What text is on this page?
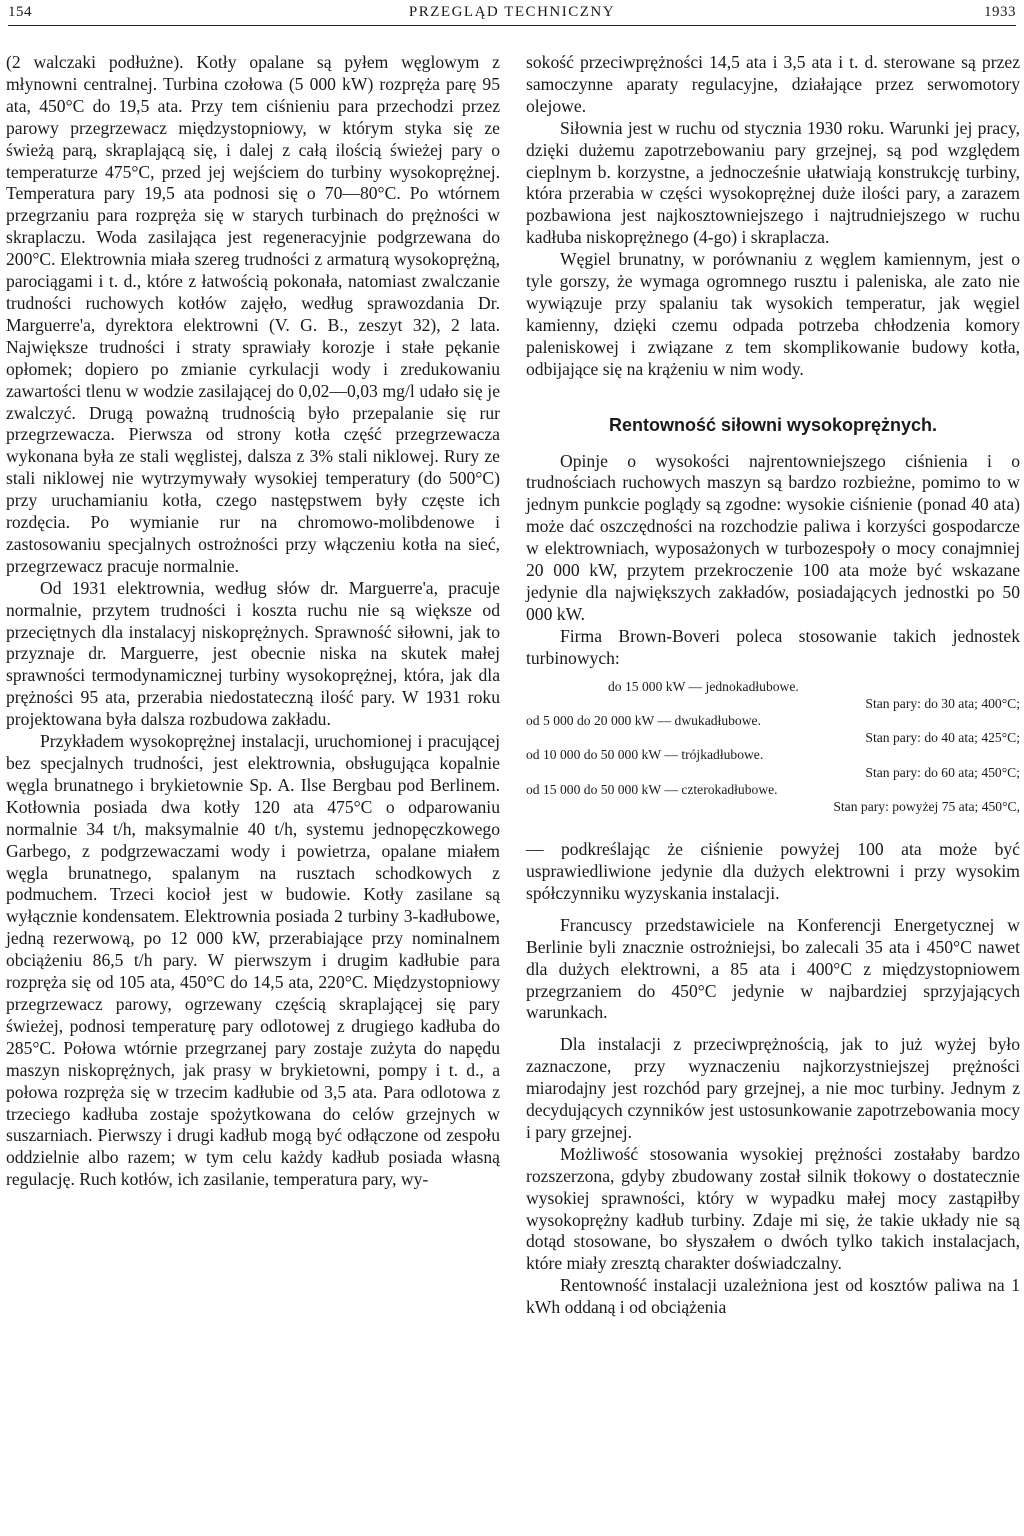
154	PRZEGLĄD TECHNICZNY	1933

(2 walczaki podłużne). Kotły opalane są pyłem węglowym z młynowni centralnej. Turbina czołowa (5 000 kW) rozpręża parę 95 ata, 450°C do 19,5 ata. Przy tem ciśnieniu para przechodzi przez parowy przegrzewacz międzystopniowy, w którym styka się ze świeżą parą, skraplającą się, i dalej z całą ilością świeżej pary o temperaturze 475°C, przed jej wejściem do turbiny wysokoprężnej. Temperatura pary 19,5 ata podnosi się o 70—80°C. Po wtórnem przegrzaniu para rozpręża się w starych turbinach do prężności w skraplaczu. Woda zasilająca jest regeneracyjnie podgrzewana do 200°C. Elektrownia miała szereg trudności z armaturą wysokoprężną, parociągami i t. d., które z łatwością pokonała, natomiast zwalczanie trudności ruchowych kotłów zajęło, według sprawozdania Dr. Marguerre'a, dyrektora elektrowni (V. G. B., zeszyt 32), 2 lata. Największe trudności i straty sprawiały korozje i stałe pękanie opłomek; dopiero po zmianie cyrkulacji wody i zredukowaniu zawartości tlenu w wodzie zasilającej do 0,02—0,03 mg/l udało się je zwalczyć. Drugą poważną trudnością było przepalanie się rur przegrzewacza. Pierwsza od strony kotła część przegrzewacza wykonana była ze stali węglistej, dalsza z 3% stali niklowej. Rury ze stali niklowej nie wytrzymywały wysokiej temperatury (do 500°C) przy uruchamianiu kotła, czego następstwem były częste ich rozdęcia. Po wymianie rur na chromowo-molibdenowe i zastosowaniu specjalnych ostrożności przy włączeniu kotła na sieć, przegrzewacz pracuje normalnie.

Od 1931 elektrownia, według słów dr. Marguerre'a, pracuje normalnie, przytem trudności i koszta ruchu nie są większe od przeciętnych dla instalacyj niskoprężnych. Sprawność siłowni, jak to przyznaje dr. Marguerre, jest obecnie niska na skutek małej sprawności termodynamicznej turbiny wysokoprężnej, która, jak dla prężności 95 ata, przerabia niedostateczną ilość pary. W 1931 roku projektowana była dalsza rozbudowa zakładu.

Przykładem wysokoprężnej instalacji, uruchomionej i pracującej bez specjalnych trudności, jest elektrownia, obsługująca kopalnie węgla brunatnego i brykietownie Sp. A. Ilse Bergbau pod Berlinem. Kotłownia posiada dwa kotły 120 ata 475°C o odparowaniu normalnie 34 t/h, maksymalnie 40 t/h, systemu jednopęczkowego Garbego, z podgrzewaczami wody i powietrza, opalane miałem węgla brunatnego, spalanym na rusztach schodkowych z podmuchem. Trzeci kocioł jest w budowie. Kotły zasilane są wyłącznie kondensatem. Elektrownia posiada 2 turbiny 3-kadłubowe, jedną rezerwową, po 12 000 kW, przerabiające przy nominalnem obciążeniu 86,5 t/h pary. W pierwszym i drugim kadłubie para rozpręża się od 105 ata, 450°C do 14,5 ata, 220°C. Międzystopniowy przegrzewacz parowy, ogrzewany częścią skraplającej się pary świeżej, podnosi temperaturę pary odlotowej z drugiego kadłuba do 285°C. Połowa wtórnie przegrzanej pary zostaje zużyta do napędu maszyn niskoprężnych, jak prasy w brykietowni, pompy i t. d., a połowa rozpręża się w trzecim kadłubie od 3,5 ata. Para odlotowa z trzeciego kadłuba zostaje spożytkowana do celów grzejnych w suszarniach. Pierwszy i drugi kadłub mogą być odłączone od zespołu oddzielnie albo razem; w tym celu każdy kadłub posiada własną regulację. Ruch kotłów, ich zasilanie, temperatura pary, wy-

sokość przeciwprężności 14,5 ata i 3,5 ata i t. d. sterowane są przez samoczynne aparaty regulacyjne, działające przez serwomotory olejowe.

Siłownia jest w ruchu od stycznia 1930 roku. Warunki jej pracy, dzięki dużemu zapotrzebowaniu pary grzejnej, są pod względem cieplnym b. korzystne, a jednocześnie ułatwiają konstrukcję turbiny, która przerabia w części wysokoprężnej duże ilości pary, a zarazem pozbawiona jest najkosztowniejszego i najtrudniejszego w ruchu kadłuba niskoprężnego (4-go) i skraplacza.

Węgiel brunatny, w porównaniu z węglem kamiennym, jest o tyle gorszy, że wymaga ogromnego rusztu i paleniska, ale zato nie wywiązuje przy spalaniu tak wysokich temperatur, jak węgiel kamienny, dzięki czemu odpada potrzeba chłodzenia komory paleniskowej i związane z tem skomplikowanie budowy kotła, odbijające się na krążeniu w nim wody.

Rentowność siłowni wysokoprężnych.

Opinje o wysokości najrentowniejszego ciśnienia i o trudnościach ruchowych maszyn są bardzo rozbieżne, pomimo to w jednym punkcie poglądy są zgodne: wysokie ciśnienie (ponad 40 ata) może dać oszczędności na rozchodzie paliwa i korzyści gospodarcze w elektrowniach, wyposażonych w turbozespoły o mocy conajmniej 20 000 kW, przytem przekroczenie 100 ata może być wskazane jedynie dla największych zakładów, posiadających jednostki po 50 000 kW.

Firma Brown-Boveri poleca stosowanie takich jednostek turbinowych:

do 15 000 kW — jednokadłubowe.
Stan pary: do 30 ata; 400°C;
od 5 000 do 20 000 kW — dwukadłubowe.
Stan pary: do 40 ata; 425°C;
od 10 000 do 50 000 kW — trójkadłubowe.
Stan pary: do 60 ata; 450°C;
od 15 000 do 50 000 kW — czterokadłubowe.
Stan pary: powyżej 75 ata; 450°C,

— podkreślając że ciśnienie powyżej 100 ata może być usprawiedliwione jedynie dla dużych elektrowni i przy wysokim spółczynniku wyzyskania instalacji.

Francuscy przedstawiciele na Konferencji Energetycznej w Berlinie byli znacznie ostrożniejsi, bo zalecali 35 ata i 450°C nawet dla dużych elektrowni, a 85 ata i 400°C z międzystopniowem przegrzaniem do 450°C jedynie w najbardziej sprzyjających warunkach.

Dla instalacji z przeciwprężnością, jak to już wyżej było zaznaczone, przy wyznaczeniu najkorzystniejszej prężności miarodajny jest rozchód pary grzejnej, a nie moc turbiny. Jednym z decydujących czynników jest ustosunkowanie zapotrzebowania mocy i pary grzejnej.

Możliwość stosowania wysokiej prężności zostałaby bardzo rozszerzona, gdyby zbudowany został silnik tłokowy o dostatecznie wysokiej sprawności, który w wypadku małej mocy zastąpiłby wysokoprężny kadłub turbiny. Zdaje mi się, że takie układy nie są dotąd stosowane, bo słyszałem o dwóch tylko takich instalacjach, które miały zresztą charakter doświadczalny.

Rentowność instalacji uzależniona jest od kosztów paliwa na 1 kWh oddaną i od obciążenia
